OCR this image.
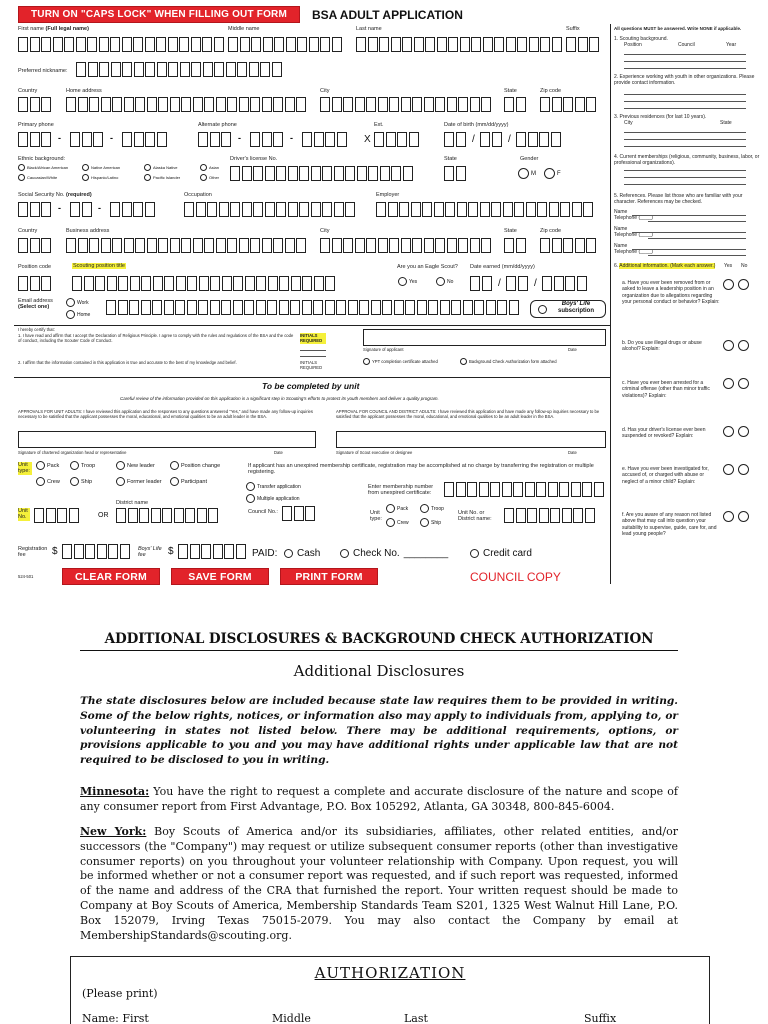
TURN ON "CAPS LOCK" WHEN FILLING OUT FORM	BSA ADULT APPLICATION
First name (Full legal name)	Middle name	Last name	Suffix
Preferred nickname:
Country	Home address	City	State	Zip code
Primary phone	Alternate phone	Ext.	Date of birth (mm/dd/yyyy)
-	-	-	-	X	/	/
Ethnic background:
Black/African American	Native American	Alaska Native	Asian
Caucasian/White	Hispanic/Latino	Pacific Islander	Other
Driver's license No.	State	Gender
M	F
Social Security No. (required)	Occupation	Employer
-	-
Country	Business address	City	State	Zip code
Position code	Scouting position title	Are you an Eagle Scout? Date earned (mm/dd/yyyy)
Yes	No	/	/
Email address
(Select one)
Work
Home
Boys' Life
subscription
I hereby certify that:
1. I have read and affirm that I accept the Declaration of Religious Principle. I agree to comply with the rules and regulations of the BSA and the code of conduct, including the Scouter Code of Conduct.
INITIALS REQUIRED
Signature of applicant	Date
2. I affirm that the information contained in this application is true and accurate to the best of my knowledge and belief.	INITIALS REQUIRED
YPT completion certificate attached	Background Check Authorization form attached
To be completed by unit
Careful review of the information provided on this application is a significant step in Scouting's efforts to protect its youth members and deliver a quality program.
APPROVALS FOR UNIT ADULTS: I have reviewed this application and the responses to any questions answered "Yes," and have made any follow-up inquiries necessary to be satisfied that the applicant possesses the moral, educational, and emotional qualities to be an adult leader in the BSA.
APPROVAL FOR COUNCIL AND DISTRICT ADULTS: I have reviewed this application and have made any follow-up inquiries necessary to be satisfied that the applicant possesses the moral, educational, and emotional qualities to be an adult leader in the BSA.
Signature of chartered organization head or representative	Date	Signature of Scout executive or designee	Date
Unit type:
Pack	Troop
Crew	Ship
New leader
Former leader
Position change
Participant
If applicant has an unexpired membership certificate, registration may be accomplished at no charge by transferring the registration or multiple registering.
Transfer application
Multiple application
Enter membership number from unexpired certificate:
District name
Unit No.	OR	Council No.:	Unit type:
Pack	Troop
Crew	Ship
Unit No. or District name:
Registration fee	$	Boys' Life fee	$	PAID: Cash	Check No. ________	Credit card
524-501	CLEAR FORM	SAVE FORM	PRINT FORM	COUNCIL COPY
All questions MUST be answered. Write NONE if applicable.
1. Scouting background.
Position	Council	Year
2. Experience working with youth in other organizations. Please provide contact information.
3. Previous residences (for last 10 years).
City	State
4. Current memberships (religious, community, business, labor, or professional organizations).
5. References. Please list those who are familiar with your character. References may be checked.
Name
Telephone (____)
Name
Telephone (____)
Name
Telephone (____)
6. Additional information. (Mark each answer.)	Yes No
a. Have you ever been removed from or asked to leave a leadership position in an organization due to allegations regarding your personal conduct or behavior? Explain:
b. Do you use illegal drugs or abuse alcohol? Explain:
c. Have you ever been arrested for a criminal offense (other than minor traffic violations)? Explain:
d. Has your driver's license ever been suspended or revoked? Explain:
e. Have you ever been investigated for, accused of, or charged with abuse or neglect of a minor child? Explain:
f. Are you aware of any reason not listed above that may call into question your suitability to supervise, guide, care for, and lead young people?
ADDITIONAL DISCLOSURES & BACKGROUND CHECK AUTHORIZATION
Additional Disclosures
The state disclosures below are included because state law requires them to be provided in writing. Some of the below rights, notices, or information also may apply to individuals from, applying to, or volunteering in states not listed below. There may be additional requirements, options, or provisions applicable to you and you may have additional rights under applicable law that are not required to be disclosed to you in writing.
Minnesota: You have the right to request a complete and accurate disclosure of the nature and scope of any consumer report from First Advantage, P.O. Box 105292, Atlanta, GA 30348, 800-845-6004.
New York: Boy Scouts of America and/or its subsidiaries, affiliates, other related entities, and/or successors (the "Company") may request or utilize subsequent consumer reports (other than investigative consumer reports) on you throughout your volunteer relationship with Company. Upon request, you will be informed whether or not a consumer report was requested, and if such report was requested, informed of the name and address of the CRA that furnished the report. Your written request should be made to Company at Boy Scouts of America, Membership Standards Team S201, 1325 West Walnut Hill Lane, P.O. Box 152079, Irving Texas 75015-2079. You may also contact the Company by email at MembershipStandards@scouting.org.
AUTHORIZATION
(Please print)
Name: First	Middle	Last	Suffix
